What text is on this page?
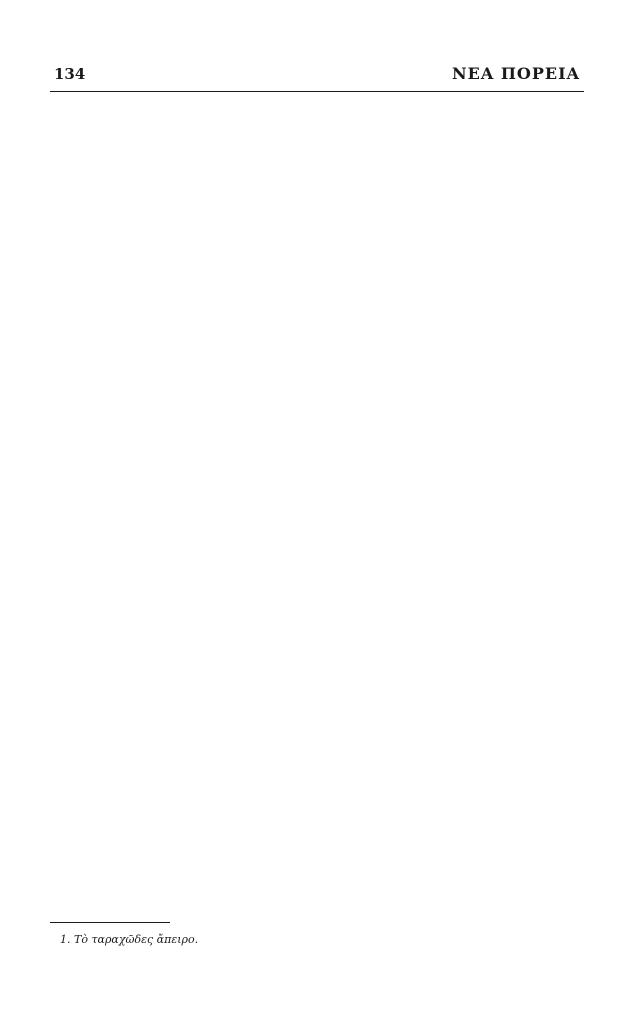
134	ΝΕΑ ΠΟΡΕΙΑ

1. Τὸ ταραχῶδες ἄπειρο.
